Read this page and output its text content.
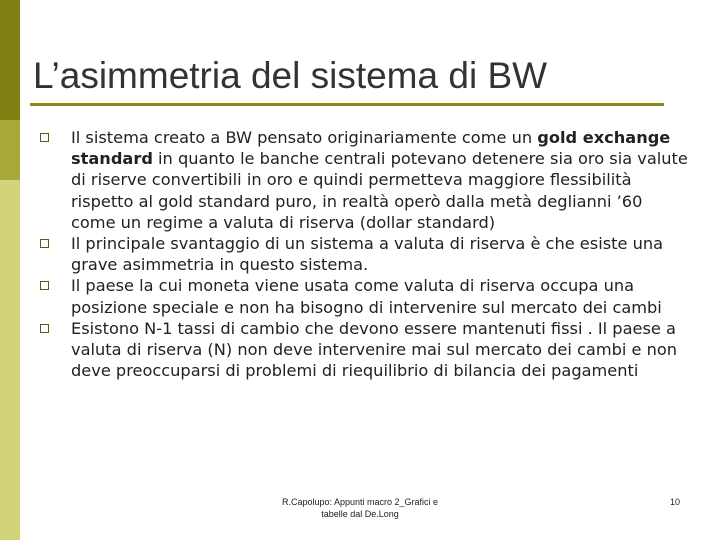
L’asimmetria del sistema di BW
Il sistema creato a BW pensato originariamente come un gold exchange standard in quanto le banche centrali potevano detenere sia oro sia valute di riserve convertibili in oro e quindi permetteva maggiore flessibilità rispetto al gold standard puro, in realtà operò dalla metà deglianni ’60 come un regime a valuta di riserva (dollar standard)
Il principale svantaggio di un sistema a valuta di riserva è che esiste una grave asimmetria in questo sistema.
Il paese la cui moneta viene usata come valuta di riserva occupa una posizione speciale e non ha bisogno di intervenire sul mercato dei cambi
Esistono N-1 tassi di cambio che devono essere mantenuti fissi . Il paese a valuta di riserva (N) non deve intervenire mai sul mercato dei cambi e non deve preoccuparsi di problemi di riequilibrio di bilancia dei pagamenti
R.Capolupo: Appunti macro 2_Grafici e
tabelle dal De.Long
10
